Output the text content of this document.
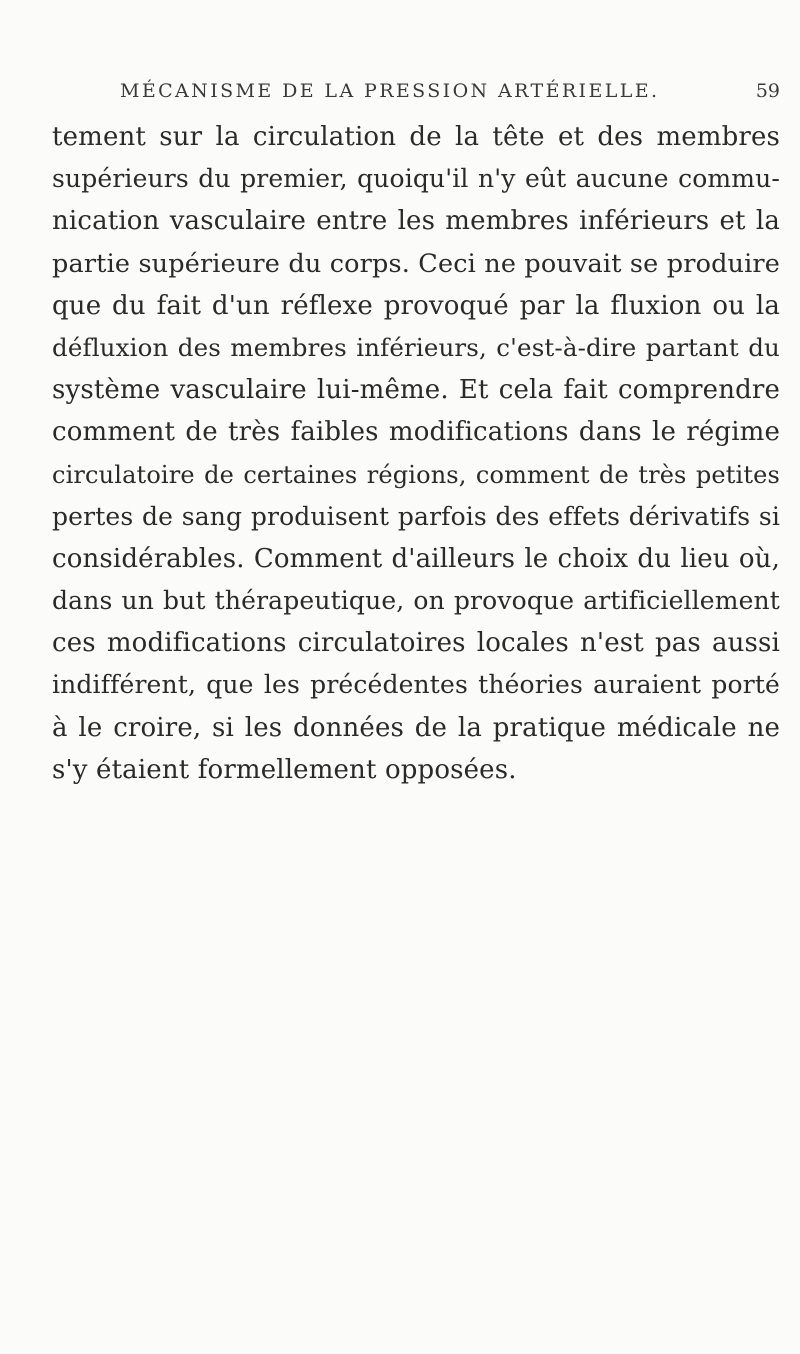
MÉCANISME DE LA PRESSION ARTÉRIELLE.	59
tement sur la circulation de la tête et des membres
supérieurs du premier, quoiqu'il n'y eût aucune commu-
nication vasculaire entre les membres inférieurs et la
partie supérieure du corps. Ceci ne pouvait se produire
que du fait d'un réflexe provoqué par la fluxion ou la
défluxion des membres inférieurs, c'est-à-dire partant du
système vasculaire lui-même. Et cela fait comprendre
comment de très faibles modifications dans le régime
circulatoire de certaines régions, comment de très petites
pertes de sang produisent parfois des effets dérivatifs si
considérables. Comment d'ailleurs le choix du lieu où,
dans un but thérapeutique, on provoque artificiellement
ces modifications circulatoires locales n'est pas aussi
indifférent, que les précédentes théories auraient porté
à le croire, si les données de la pratique médicale ne
s'y étaient formellement opposées.
